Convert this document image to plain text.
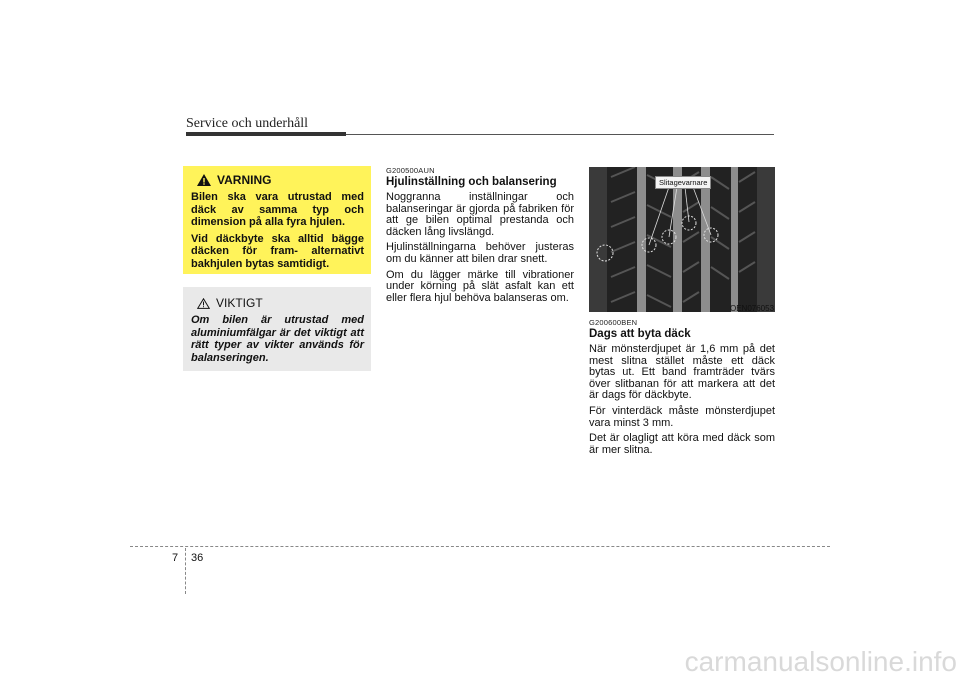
Service och underhåll
VARNING

Bilen ska vara utrustad med däck av samma typ och dimension på alla fyra hjulen.

Vid däckbyte ska alltid bägge däcken för fram- alternativt bakhjulen bytas samtidigt.

VIKTIGT

Om bilen är utrustad med aluminiumfälgar är det viktigt att rätt typer av vikter används för balanseringen.

G200500AUN
Hjulinställning och balansering

Noggranna inställningar och balanseringar är gjorda på fabriken för att ge bilen optimal prestanda och däcken lång livslängd.

Hjulinställningarna behöver justeras om du känner att bilen drar snett.

Om du lägger märke till vibrationer under körning på slät asfalt kan ett eller flera hjul behöva balanseras om.

Slitagevarnare
OEN076053
G200600BEN
Dags att byta däck

När mönsterdjupet är 1,6 mm på det mest slitna stället måste ett däck bytas ut. Ett band framträder tvärs över slitbanan för att markera att det är dags för däckbyte.

För vinterdäck måste mönsterdjupet vara minst 3 mm.

Det är olagligt att köra med däck som är mer slitna.

7 36
carmanualsonline.info
